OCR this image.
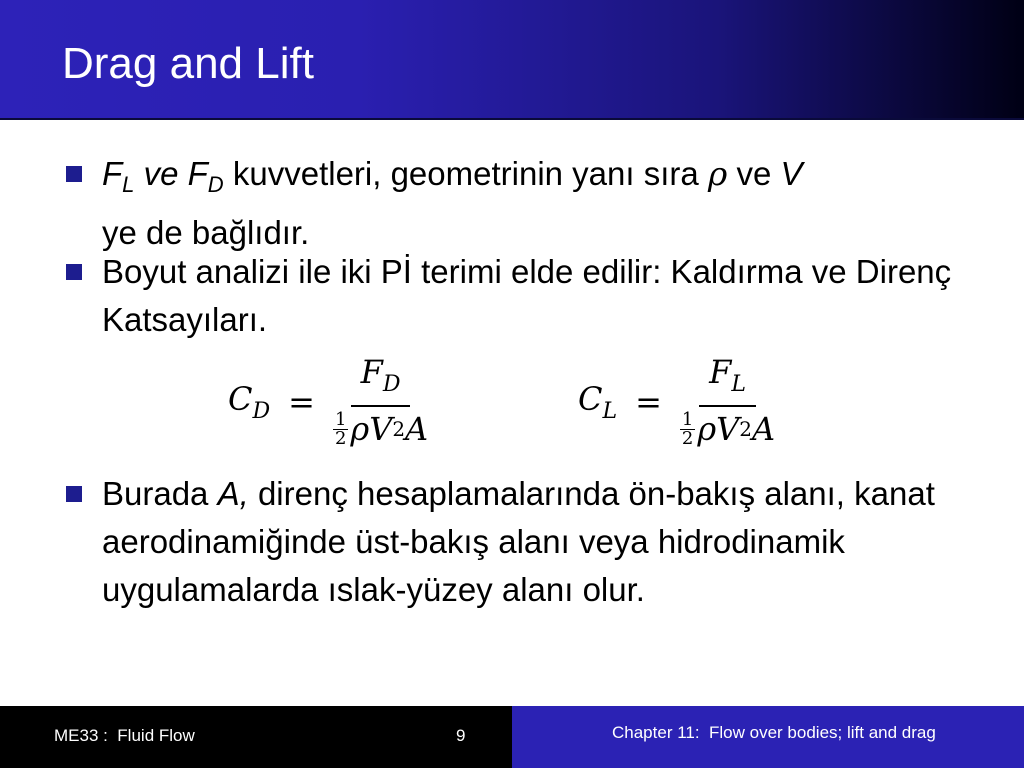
Drag and Lift
$F_L$ ve $F_D$ kuvvetleri, geometrinin yanı sıra ρ ve V
ye de bağlıdır.
Boyut analizi ile iki Pİ terimi elde edilir: Kaldırma ve Direnç Katsayıları.
$C_D = \frac{F_D}{\frac{1}{2} \rho V 2 A}$	$C_L = \frac{F_L}{\frac{1}{2} \rho V 2 A}$
Burada A, direnç hesaplamalarında ön-bakış alanı, kanat aerodinamiğinde üst-bakış alanı veya hidrodinamik uygulamalarda ıslak-yüzey alanı olur.
ME33 :  Fluid Flow	9	Chapter 11:  Flow over bodies; lift and drag
